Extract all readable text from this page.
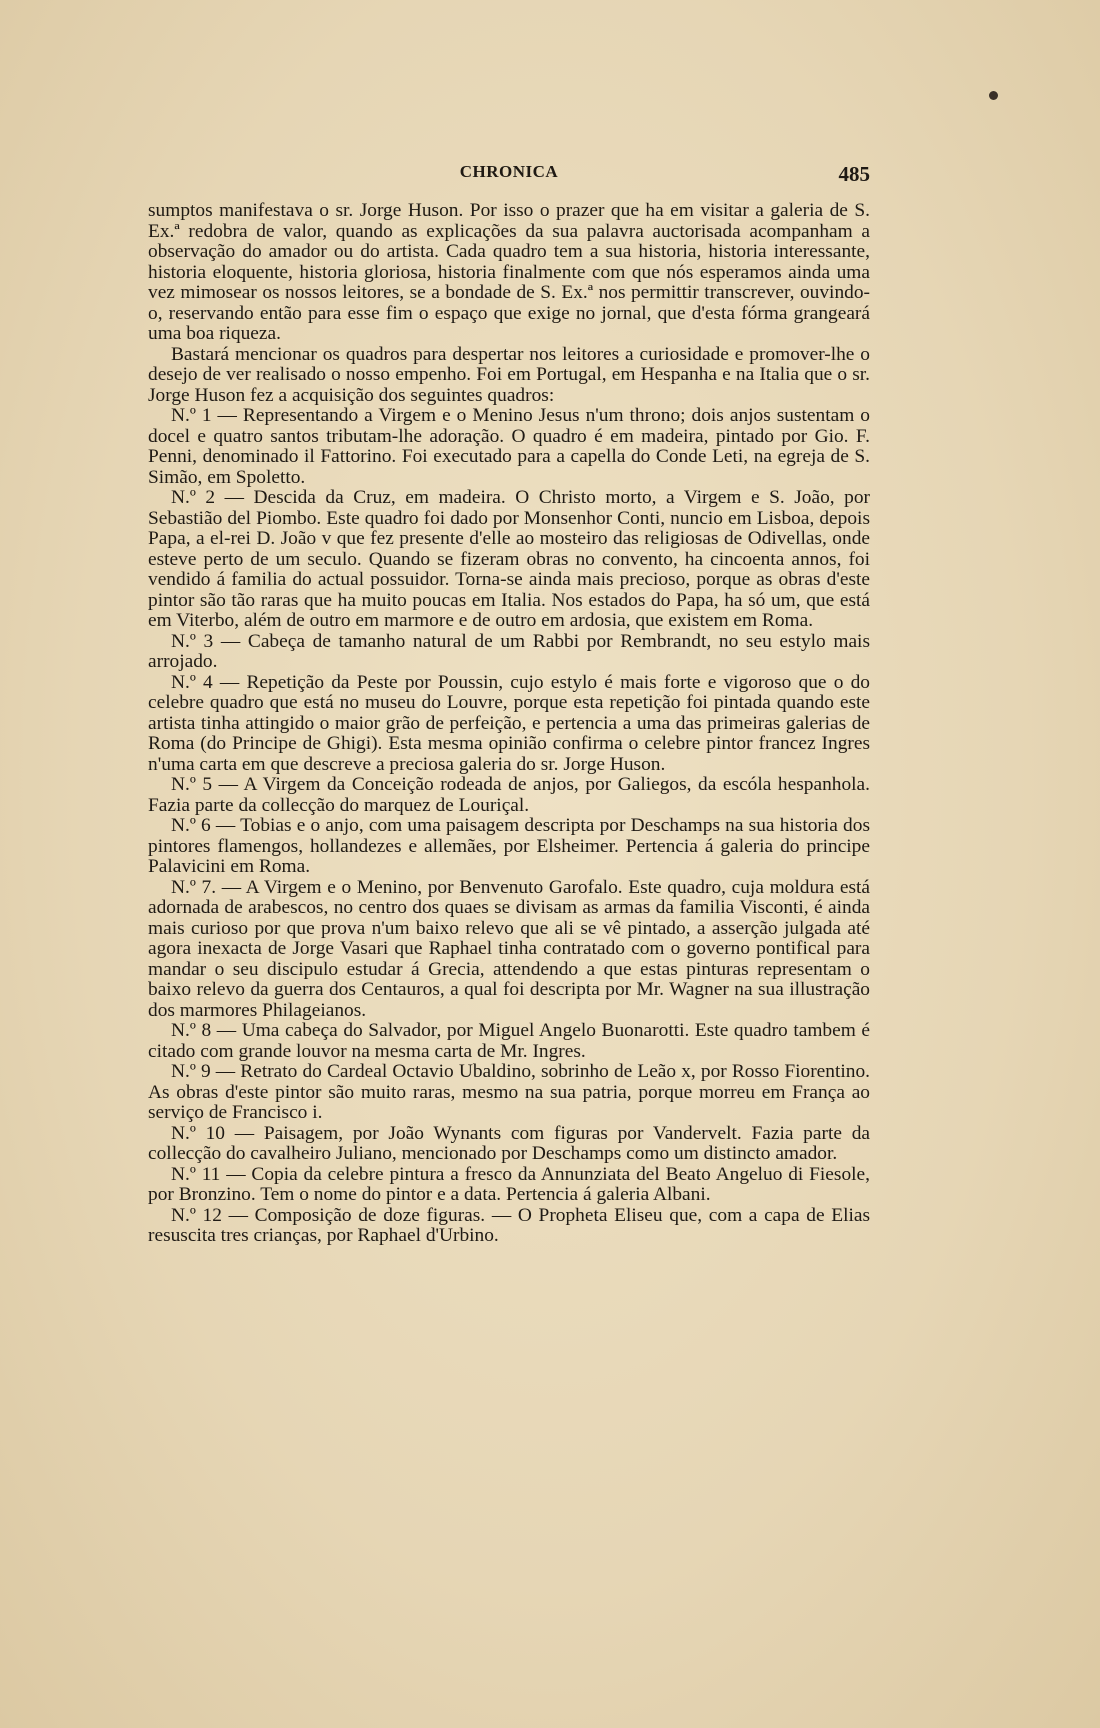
CHRONICA	485

sumptos manifestava o sr. Jorge Huson. Por isso o prazer que ha em visitar a galeria de S. Ex.ª redobra de valor, quando as explicações da sua palavra auctorisada acompanham a observação do amador ou do artista. Cada quadro tem a sua historia, historia interessante, historia eloquente, historia gloriosa, historia finalmente com que nós esperamos ainda uma vez mimosear os nossos leitores, se a bondade de S. Ex.ª nos permittir transcrever, ouvindo-o, reservando então para esse fim o espaço que exige no jornal, que d'esta fórma grangeará uma boa riqueza.

Bastará mencionar os quadros para despertar nos leitores a curiosidade e promover-lhe o desejo de ver realisado o nosso empenho. Foi em Portugal, em Hespanha e na Italia que o sr. Jorge Huson fez a acquisição dos seguintes quadros:

N.º 1 — Representando a Virgem e o Menino Jesus n'um throno; dois anjos sustentam o docel e quatro santos tributam-lhe adoração. O quadro é em madeira, pintado por Gio. F. Penni, denominado il Fattorino. Foi executado para a capella do Conde Leti, na egreja de S. Simão, em Spoletto.

N.º 2 — Descida da Cruz, em madeira. O Christo morto, a Virgem e S. João, por Sebastião del Piombo. Este quadro foi dado por Monsenhor Conti, nuncio em Lisboa, depois Papa, a el-rei D. João v que fez presente d'elle ao mosteiro das religiosas de Odivellas, onde esteve perto de um seculo. Quando se fizeram obras no convento, ha cincoenta annos, foi vendido á familia do actual possuidor. Torna-se ainda mais precioso, porque as obras d'este pintor são tão raras que ha muito poucas em Italia. Nos estados do Papa, ha só um, que está em Viterbo, além de outro em marmore e de outro em ardosia, que existem em Roma.

N.º 3 — Cabeça de tamanho natural de um Rabbi por Rembrandt, no seu estylo mais arrojado.

N.º 4 — Repetição da Peste por Poussin, cujo estylo é mais forte e vigoroso que o do celebre quadro que está no museu do Louvre, porque esta repetição foi pintada quando este artista tinha attingido o maior grão de perfeição, e pertencia a uma das primeiras galerias de Roma (do Principe de Ghigi). Esta mesma opinião confirma o celebre pintor francez Ingres n'uma carta em que descreve a preciosa galeria do sr. Jorge Huson.

N.º 5 — A Virgem da Conceição rodeada de anjos, por Galiegos, da escóla hespanhola. Fazia parte da collecção do marquez de Louriçal.

N.º 6 — Tobias e o anjo, com uma paisagem descripta por Deschamps na sua historia dos pintores flamengos, hollandezes e allemães, por Elsheimer. Pertencia á galeria do principe Palavicini em Roma.

N.º 7. — A Virgem e o Menino, por Benvenuto Garofalo. Este quadro, cuja moldura está adornada de arabescos, no centro dos quaes se divisam as armas da familia Visconti, é ainda mais curioso por que prova n'um baixo relevo que ali se vê pintado, a asserção julgada até agora inexacta de Jorge Vasari que Raphael tinha contratado com o governo pontifical para mandar o seu discipulo estudar á Grecia, attendendo a que estas pinturas representam o baixo relevo da guerra dos Centauros, a qual foi descripta por Mr. Wagner na sua illustração dos marmores Philageianos.

N.º 8 — Uma cabeça do Salvador, por Miguel Angelo Buonarotti. Este quadro tambem é citado com grande louvor na mesma carta de Mr. Ingres.

N.º 9 — Retrato do Cardeal Octavio Ubaldino, sobrinho de Leão x, por Rosso Fiorentino. As obras d'este pintor são muito raras, mesmo na sua patria, porque morreu em França ao serviço de Francisco i.

N.º 10 — Paisagem, por João Wynants com figuras por Vandervelt. Fazia parte da collecção do cavalheiro Juliano, mencionado por Deschamps como um distincto amador.

N.º 11 — Copia da celebre pintura a fresco da Annunziata del Beato Angeluo di Fiesole, por Bronzino. Tem o nome do pintor e a data. Pertencia á galeria Albani.

N.º 12 — Composição de doze figuras. — O Propheta Eliseu que, com a capa de Elias resuscita tres crianças, por Raphael d'Urbino.
